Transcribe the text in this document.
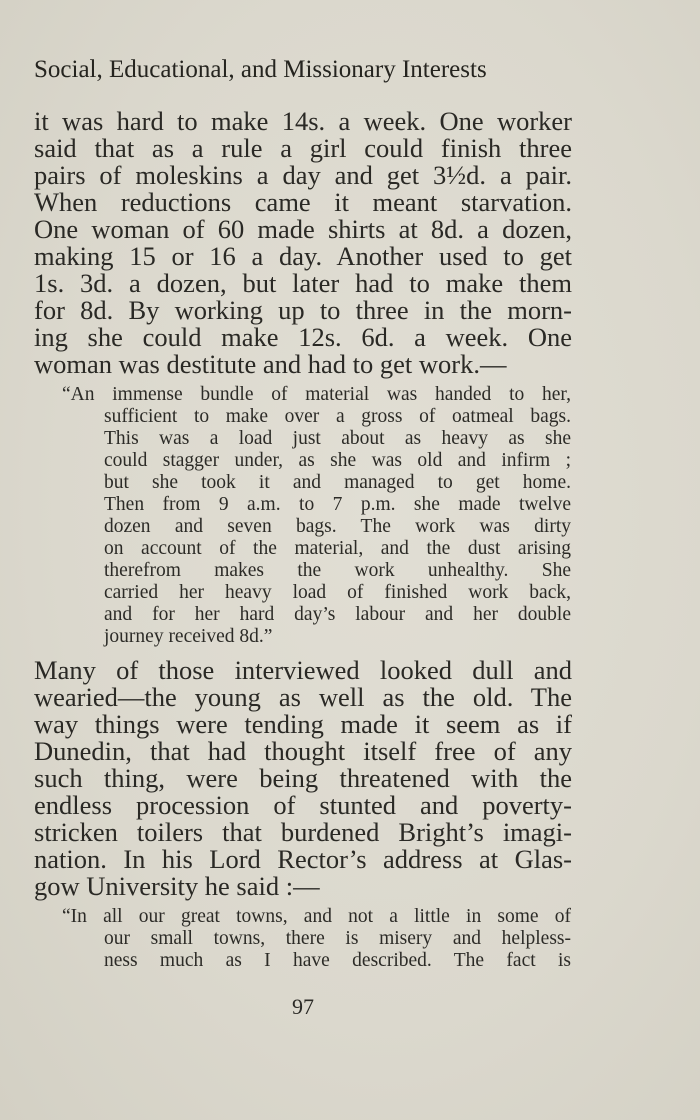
Social, Educational, and Missionary Interests
it was hard to make 14s. a week. One worker
said that as a rule a girl could finish three
pairs of moleskins a day and get 3½d. a pair.
When reductions came it meant starvation.
One woman of 60 made shirts at 8d. a dozen,
making 15 or 16 a day. Another used to get
1s. 3d. a dozen, but later had to make them
for 8d. By working up to three in the morn-
ing she could make 12s. 6d. a week. One
woman was destitute and had to get work.—
“An immense bundle of material was handed to her,
sufficient to make over a gross of oatmeal bags.
This was a load just about as heavy as she
could stagger under, as she was old and infirm ;
but she took it and managed to get home.
Then from 9 a.m. to 7 p.m. she made twelve
dozen and seven bags. The work was dirty
on account of the material, and the dust arising
therefrom makes the work unhealthy. She
carried her heavy load of finished work back,
and for her hard day’s labour and her double
journey received 8d.”
Many of those interviewed looked dull and
wearied—the young as well as the old. The
way things were tending made it seem as if
Dunedin, that had thought itself free of any
such thing, were being threatened with the
endless procession of stunted and poverty-
stricken toilers that burdened Bright’s imagi-
nation. In his Lord Rector’s address at Glas-
gow University he said :—
“In all our great towns, and not a little in some of
our small towns, there is misery and helpless-
ness much as I have described. The fact is
97
